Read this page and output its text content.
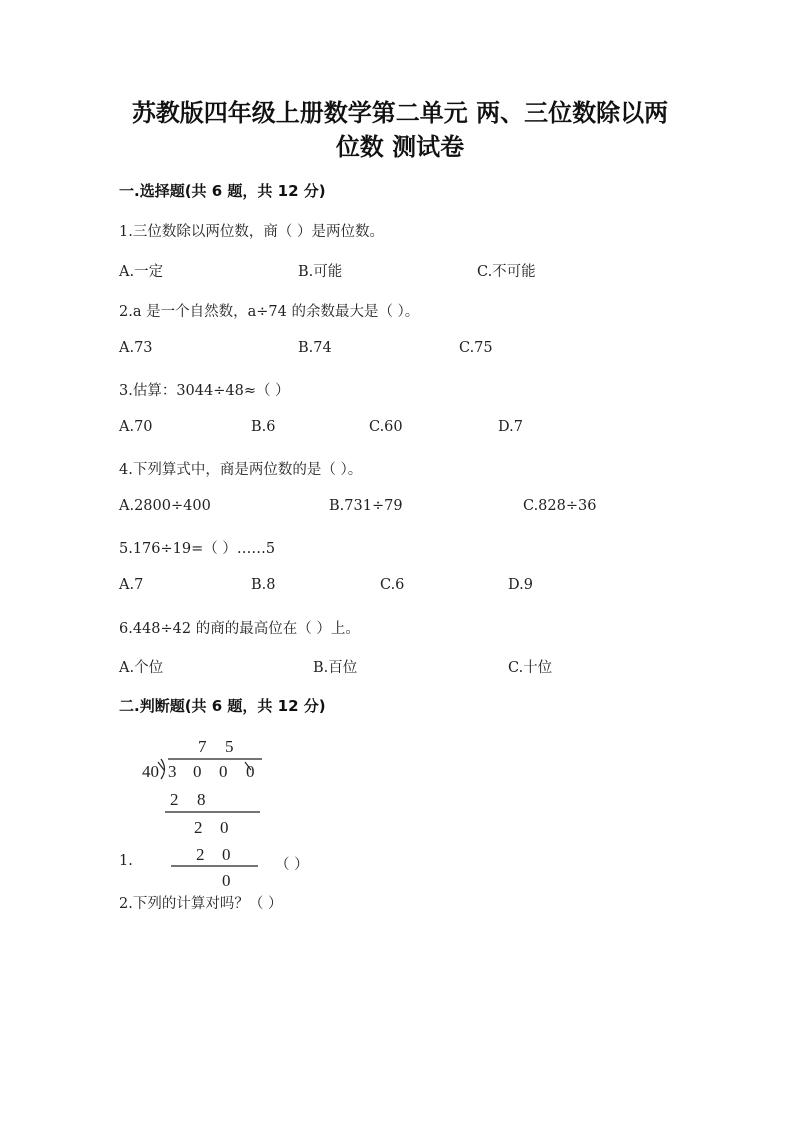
苏教版四年级上册数学第二单元 两、三位数除以两
位数 测试卷
一.选择题(共 6 题，共 12 分)
1.三位数除以两位数，商（ ）是两位数。
A.一定	B.可能	C.不可能
2.a 是一个自然数，a÷74 的余数最大是（ ）。
A.73	B.74	C.75
3.估算：3044÷48≈（ ）
A.70	B.6	C.60	D.7
4.下列算式中，商是两位数的是（ ）。
A.2800÷400	B.731÷79	C.828÷36
5.176÷19=（ ）……5
A.7	B.8	C.6	D.9
6.448÷42 的商的最高位在（ ）上。
A.个位	B.百位	C.十位
二.判断题(共 6 题，共 12 分)
7 5
40 3 0 0 0
2 8
2 0
2 0
0
1.	（ ）
2.下列的计算对吗？（ ）
